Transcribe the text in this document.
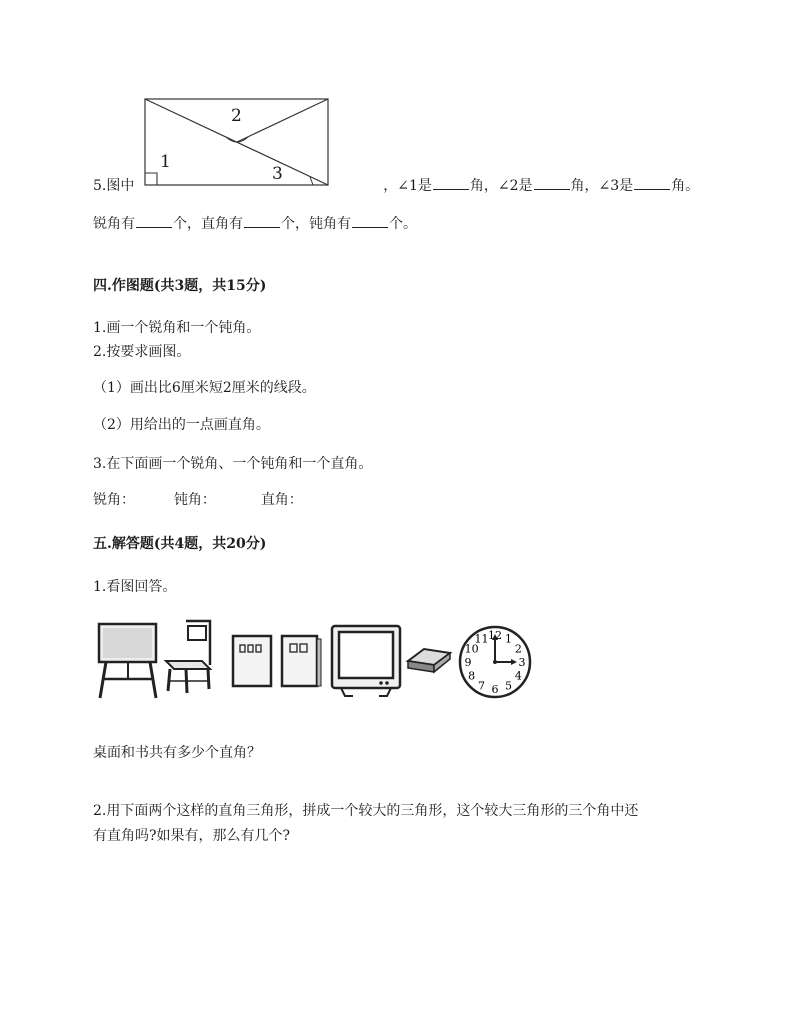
1
2
3
5.图中	，∠1是	角，∠2是	角，∠3是	角。
锐角有	个，直角有	个，钝角有	个。
四.作图题(共3题，共15分)
1.画一个锐角和一个钝角。
2.按要求画图。
（1）画出比6厘米短2厘米的线段。
（2）用给出的一点画直角。
3.在下面画一个锐角、一个钝角和一个直角。
锐角：	钝角：	直角：
五.解答题(共4题，共20分)
1.看图回答。
12 1
2
3
4
5
6
7
8
9
10
11
桌面和书共有多少个直角？
2.用下面两个这样的直角三角形，拼成一个较大的三角形，这个较大三角形的三个角中还
有直角吗?如果有，那么有几个?
